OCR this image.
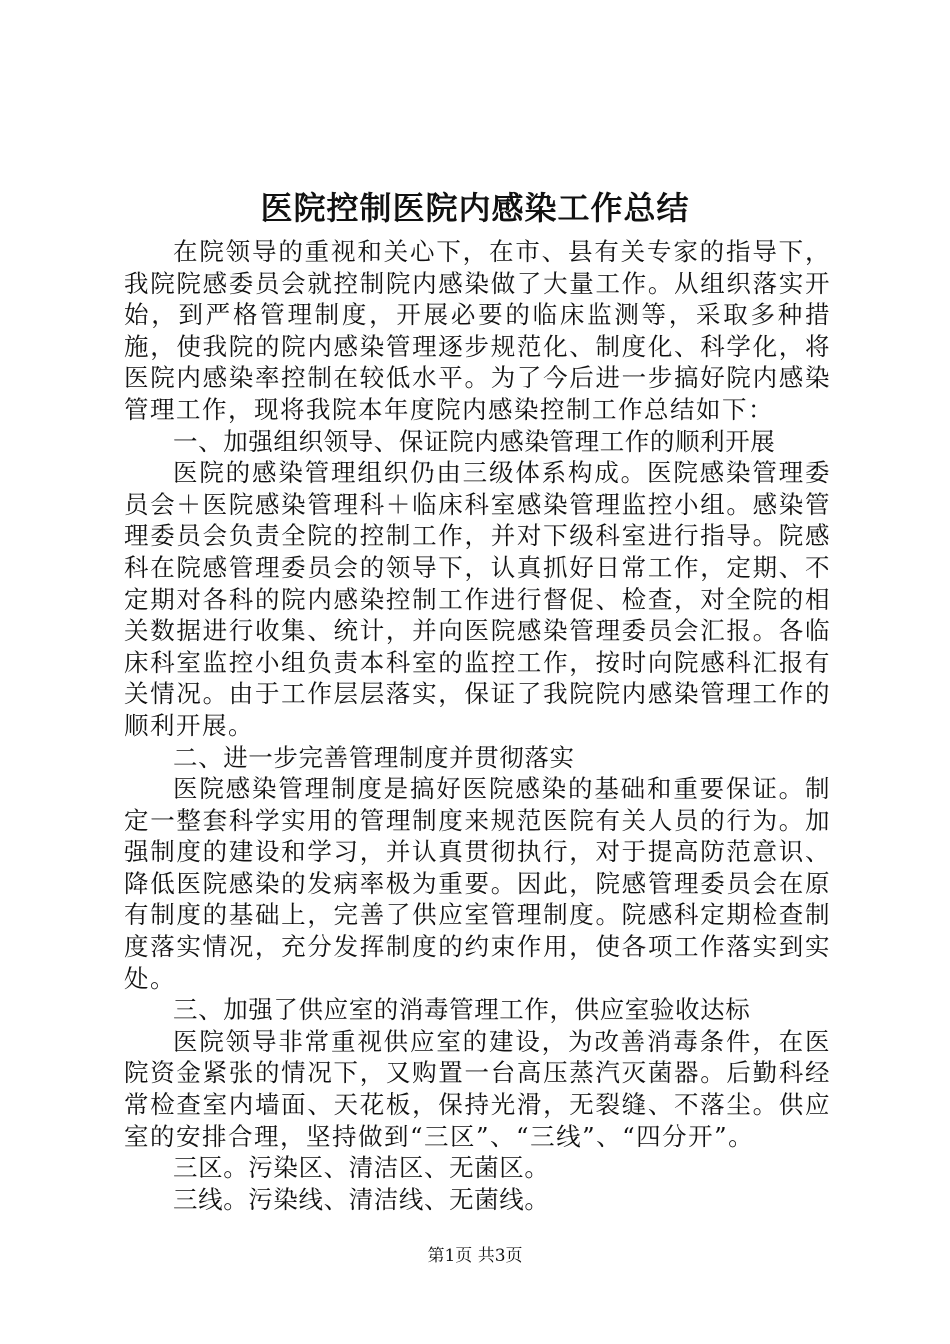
医院控制医院内感染工作总结

在院领导的重视和关心下，在市、县有关专家的指导下，我院院感委员会就控制院内感染做了大量工作。从组织落实开始，到严格管理制度，开展必要的临床监测等，采取多种措施，使我院的院内感染管理逐步规范化、制度化、科学化，将医院内感染率控制在较低水平。为了今后进一步搞好院内感染管理工作，现将我院本年度院内感染控制工作总结如下：

一、加强组织领导、保证院内感染管理工作的顺利开展

医院的感染管理组织仍由三级体系构成。医院感染管理委员会＋医院感染管理科＋临床科室感染管理监控小组。感染管理委员会负责全院的控制工作，并对下级科室进行指导。院感科在院感管理委员会的领导下，认真抓好日常工作，定期、不定期对各科的院内感染控制工作进行督促、检查，对全院的相关数据进行收集、统计，并向医院感染管理委员会汇报。各临床科室监控小组负责本科室的监控工作，按时向院感科汇报有关情况。由于工作层层落实，保证了我院院内感染管理工作的顺利开展。

二、进一步完善管理制度并贯彻落实

医院感染管理制度是搞好医院感染的基础和重要保证。制定一整套科学实用的管理制度来规范医院有关人员的行为。加强制度的建设和学习，并认真贯彻执行，对于提高防范意识、降低医院感染的发病率极为重要。因此，院感管理委员会在原有制度的基础上，完善了供应室管理制度。院感科定期检查制度落实情况，充分发挥制度的约束作用，使各项工作落实到实处。

三、加强了供应室的消毒管理工作，供应室验收达标

医院领导非常重视供应室的建设，为改善消毒条件，在医院资金紧张的情况下，又购置一台高压蒸汽灭菌器。后勤科经常检查室内墙面、天花板，保持光滑，无裂缝、不落尘。供应室的安排合理，坚持做到“三区”、“三线”、“四分开”。

三区。污染区、清洁区、无菌区。

三线。污染线、清洁线、无菌线。

第1页 共3页
